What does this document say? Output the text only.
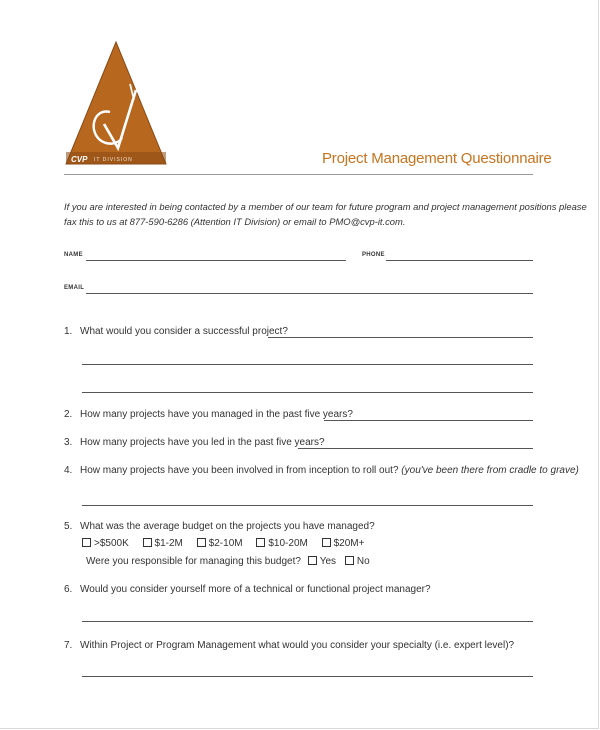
CVP IT DIVISION	Project Management Questionnaire
If you are interested in being contacted by a member of our team for future program and project management positions please
fax this to us at 877-590-6286 (Attention IT Division) or email to PMO@cvp-it.com.
NAME	PHONE
EMAIL
1. What would you consider a successful project?
2. How many projects have you managed in the past five years?
3. How many projects have you led in the past five years?
4. How many projects have you been involved in from inception to roll out? (you've been there from cradle to grave)
5. What was the average budget on the projects you have managed?
>$500K	$1-2M	$2-10M	$10-20M	$20M+
Were you responsible for managing this budget? Yes No
6. Would you consider yourself more of a technical or functional project manager?
7. Within Project or Program Management what would you consider your specialty (i.e. expert level)?
